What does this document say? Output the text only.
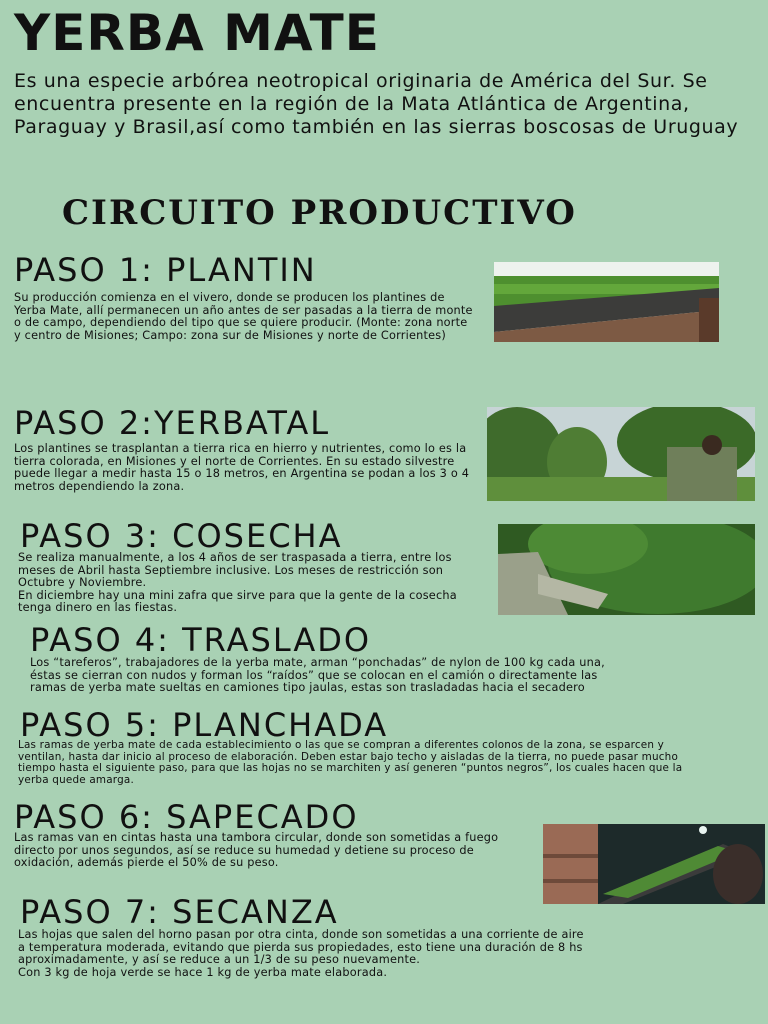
YERBA MATE
Es una especie arbórea neotropical originaria de América del Sur. Se encuentra presente en la región de la Mata Atlántica de Argentina, Paraguay y Brasil,así como también en las sierras boscosas de Uruguay
CIRCUITO PRODUCTIVO
PASO 1: PLANTIN
Su producción comienza en el vivero, donde se producen los plantines de Yerba Mate, allí permanecen un año antes de ser pasadas a la tierra de monte o de campo, dependiendo del tipo que se quiere producir. (Monte: zona norte y centro de Misiones; Campo: zona sur de Misiones y norte de Corrientes)
PASO 2:YERBATAL
Los plantines se trasplantan a tierra rica en hierro y nutrientes, como lo es la tierra colorada, en Misiones y el norte de Corrientes. En su estado silvestre puede llegar a medir hasta 15 o 18 metros, en Argentina se podan a los 3 o 4 metros dependiendo la zona.
PASO 3: COSECHA
Se realiza manualmente, a los 4 años de ser traspasada a tierra, entre los meses de Abril hasta Septiembre inclusive. Los meses de restricción son Octubre y Noviembre.
En diciembre hay una mini zafra que sirve para que la gente de la cosecha tenga dinero en las fiestas.
PASO 4: TRASLADO
Los “tareferos”, trabajadores de la yerba mate, arman “ponchadas” de nylon de 100 kg cada una, éstas se cierran con nudos y forman los “raídos” que se colocan en el camión o directamente las ramas de yerba mate sueltas en camiones tipo jaulas, estas son trasladadas hacia el secadero
PASO 5: PLANCHADA
Las ramas de yerba mate de cada establecimiento o las que se compran a diferentes colonos de la zona, se esparcen y ventilan, hasta dar inicio al proceso de elaboración. Deben estar bajo techo y aisladas de la tierra, no puede pasar mucho tiempo hasta el siguiente paso, para que las hojas no se marchiten y así generen “puntos negros”, los cuales hacen que la yerba quede amarga.
PASO 6: SAPECADO
Las ramas van en cintas hasta una tambora circular, donde son sometidas a fuego directo por unos segundos, así se reduce su humedad y detiene su proceso de oxidación, además pierde el 50% de su peso.
PASO 7: SECANZA
Las hojas que salen del horno pasan por otra cinta, donde son sometidas a una corriente de aire a temperatura moderada, evitando que pierda sus propiedades, esto tiene una duración de 8 hs aproximadamente, y así se reduce a un 1/3 de su peso nuevamente.
Con 3 kg de hoja verde se hace 1 kg de yerba mate elaborada.
